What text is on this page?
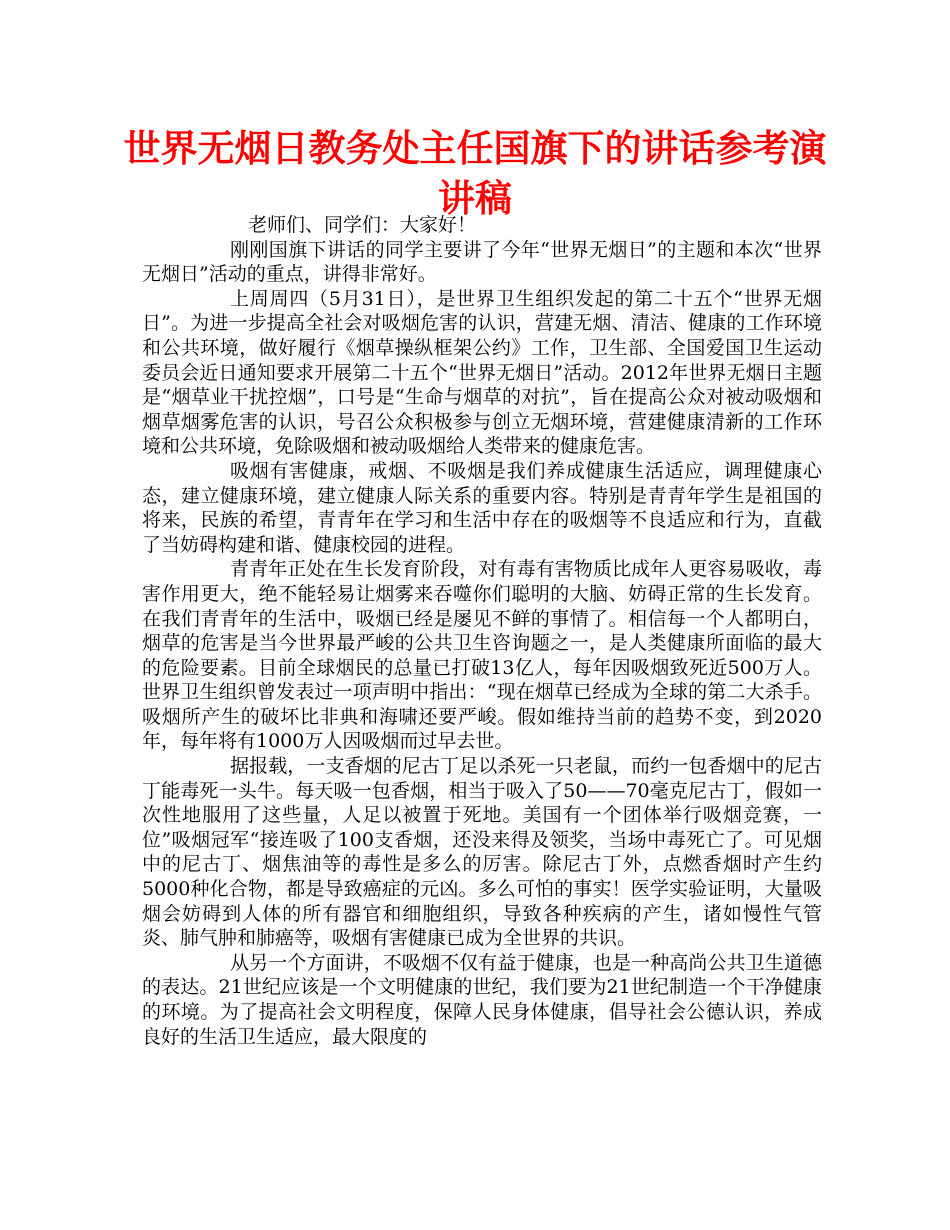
世界无烟日教务处主任国旗下的讲话参考演讲稿

老师们、同学们：大家好！

刚刚国旗下讲话的同学主要讲了今年“世界无烟日”的主题和本次“世界无烟日”活动的重点，讲得非常好。

上周周四（5月31日），是世界卫生组织发起的第二十五个“世界无烟日”。为进一步提高全社会对吸烟危害的认识，营建无烟、清洁、健康的工作环境和公共环境，做好履行《烟草操纵框架公约》工作，卫生部、全国爱国卫生运动委员会近日通知要求开展第二十五个“世界无烟日”活动。2012年世界无烟日主题是“烟草业干扰控烟”，口号是“生命与烟草的对抗”，旨在提高公众对被动吸烟和烟草烟雾危害的认识，号召公众积极参与创立无烟环境，营建健康清新的工作环境和公共环境，免除吸烟和被动吸烟给人类带来的健康危害。

吸烟有害健康，戒烟、不吸烟是我们养成健康生活适应，调理健康心态，建立健康环境，建立健康人际关系的重要内容。特别是青青年学生是祖国的将来，民族的希望，青青年在学习和生活中存在的吸烟等不良适应和行为，直截了当妨碍构建和谐、健康校园的进程。

青青年正处在生长发育阶段，对有毒有害物质比成年人更容易吸收，毒害作用更大，绝不能轻易让烟雾来吞噬你们聪明的大脑、妨碍正常的生长发育。在我们青青年的生活中，吸烟已经是屡见不鲜的事情了。相信每一个人都明白，烟草的危害是当今世界最严峻的公共卫生咨询题之一，是人类健康所面临的最大的危险要素。目前全球烟民的总量已打破13亿人，每年因吸烟致死近500万人。世界卫生组织曾发表过一项声明中指出：“现在烟草已经成为全球的第二大杀手。吸烟所产生的破坏比非典和海啸还要严峻。假如维持当前的趋势不变，到2020年，每年将有1000万人因吸烟而过早去世。

据报载，一支香烟的尼古丁足以杀死一只老鼠，而约一包香烟中的尼古丁能毒死一头牛。每天吸一包香烟，相当于吸入了50——70毫克尼古丁，假如一次性地服用了这些量，人足以被置于死地。美国有一个团体举行吸烟竞赛，一位”吸烟冠军“接连吸了100支香烟，还没来得及领奖，当场中毒死亡了。可见烟中的尼古丁、烟焦油等的毒性是多么的厉害。除尼古丁外，点燃香烟时产生约5000种化合物，都是导致癌症的元凶。多么可怕的事实！医学实验证明，大量吸烟会妨碍到人体的所有器官和细胞组织，导致各种疾病的产生，诸如慢性气管炎、肺气肿和肺癌等，吸烟有害健康已成为全世界的共识。

从另一个方面讲，不吸烟不仅有益于健康，也是一种高尚公共卫生道德的表达。21世纪应该是一个文明健康的世纪，我们要为21世纪制造一个干净健康的环境。为了提高社会文明程度，保障人民身体健康，倡导社会公德认识，养成良好的生活卫生适应，最大限度的
